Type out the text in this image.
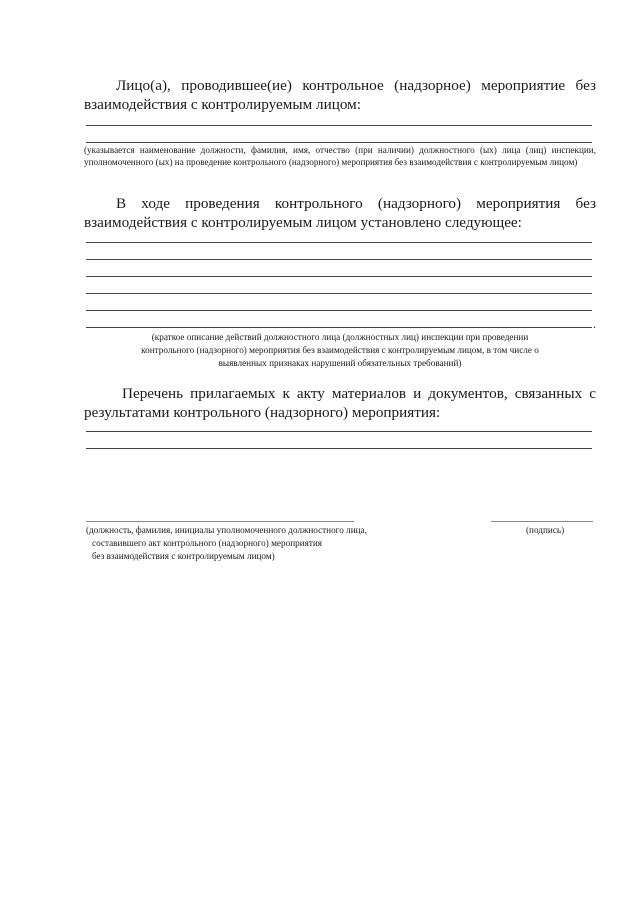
Лицо(а), проводившее(ие) контрольное (надзорное) мероприятие без взаимодействия с контролируемым лицом:
(указывается наименование должности, фамилия, имя, отчество (при наличии) должностного (ых) лица (лиц) инспекции, уполномоченного (ых) на проведение контрольного (надзорного) мероприятия без взаимодействия с контролируемым лицом)
В ходе проведения контрольного (надзорного) мероприятия без взаимодействия с контролируемым лицом установлено следующее:
.
(краткое описание действий должностного лица (должностных лиц) инспекции при проведении
контрольного (надзорного) мероприятия без взаимодействия с контролируемым лицом, в том числе о
выявленных признаках нарушений обязательных требований)
Перечень прилагаемых к акту материалов и документов, связанных с результатами контрольного (надзорного) мероприятия:
(должность, фамилия, инициалы уполномоченного должностного лица,
составившего акт контрольного (надзорного) мероприятия
без взаимодействия с контролируемым лицом)
(подпись)
